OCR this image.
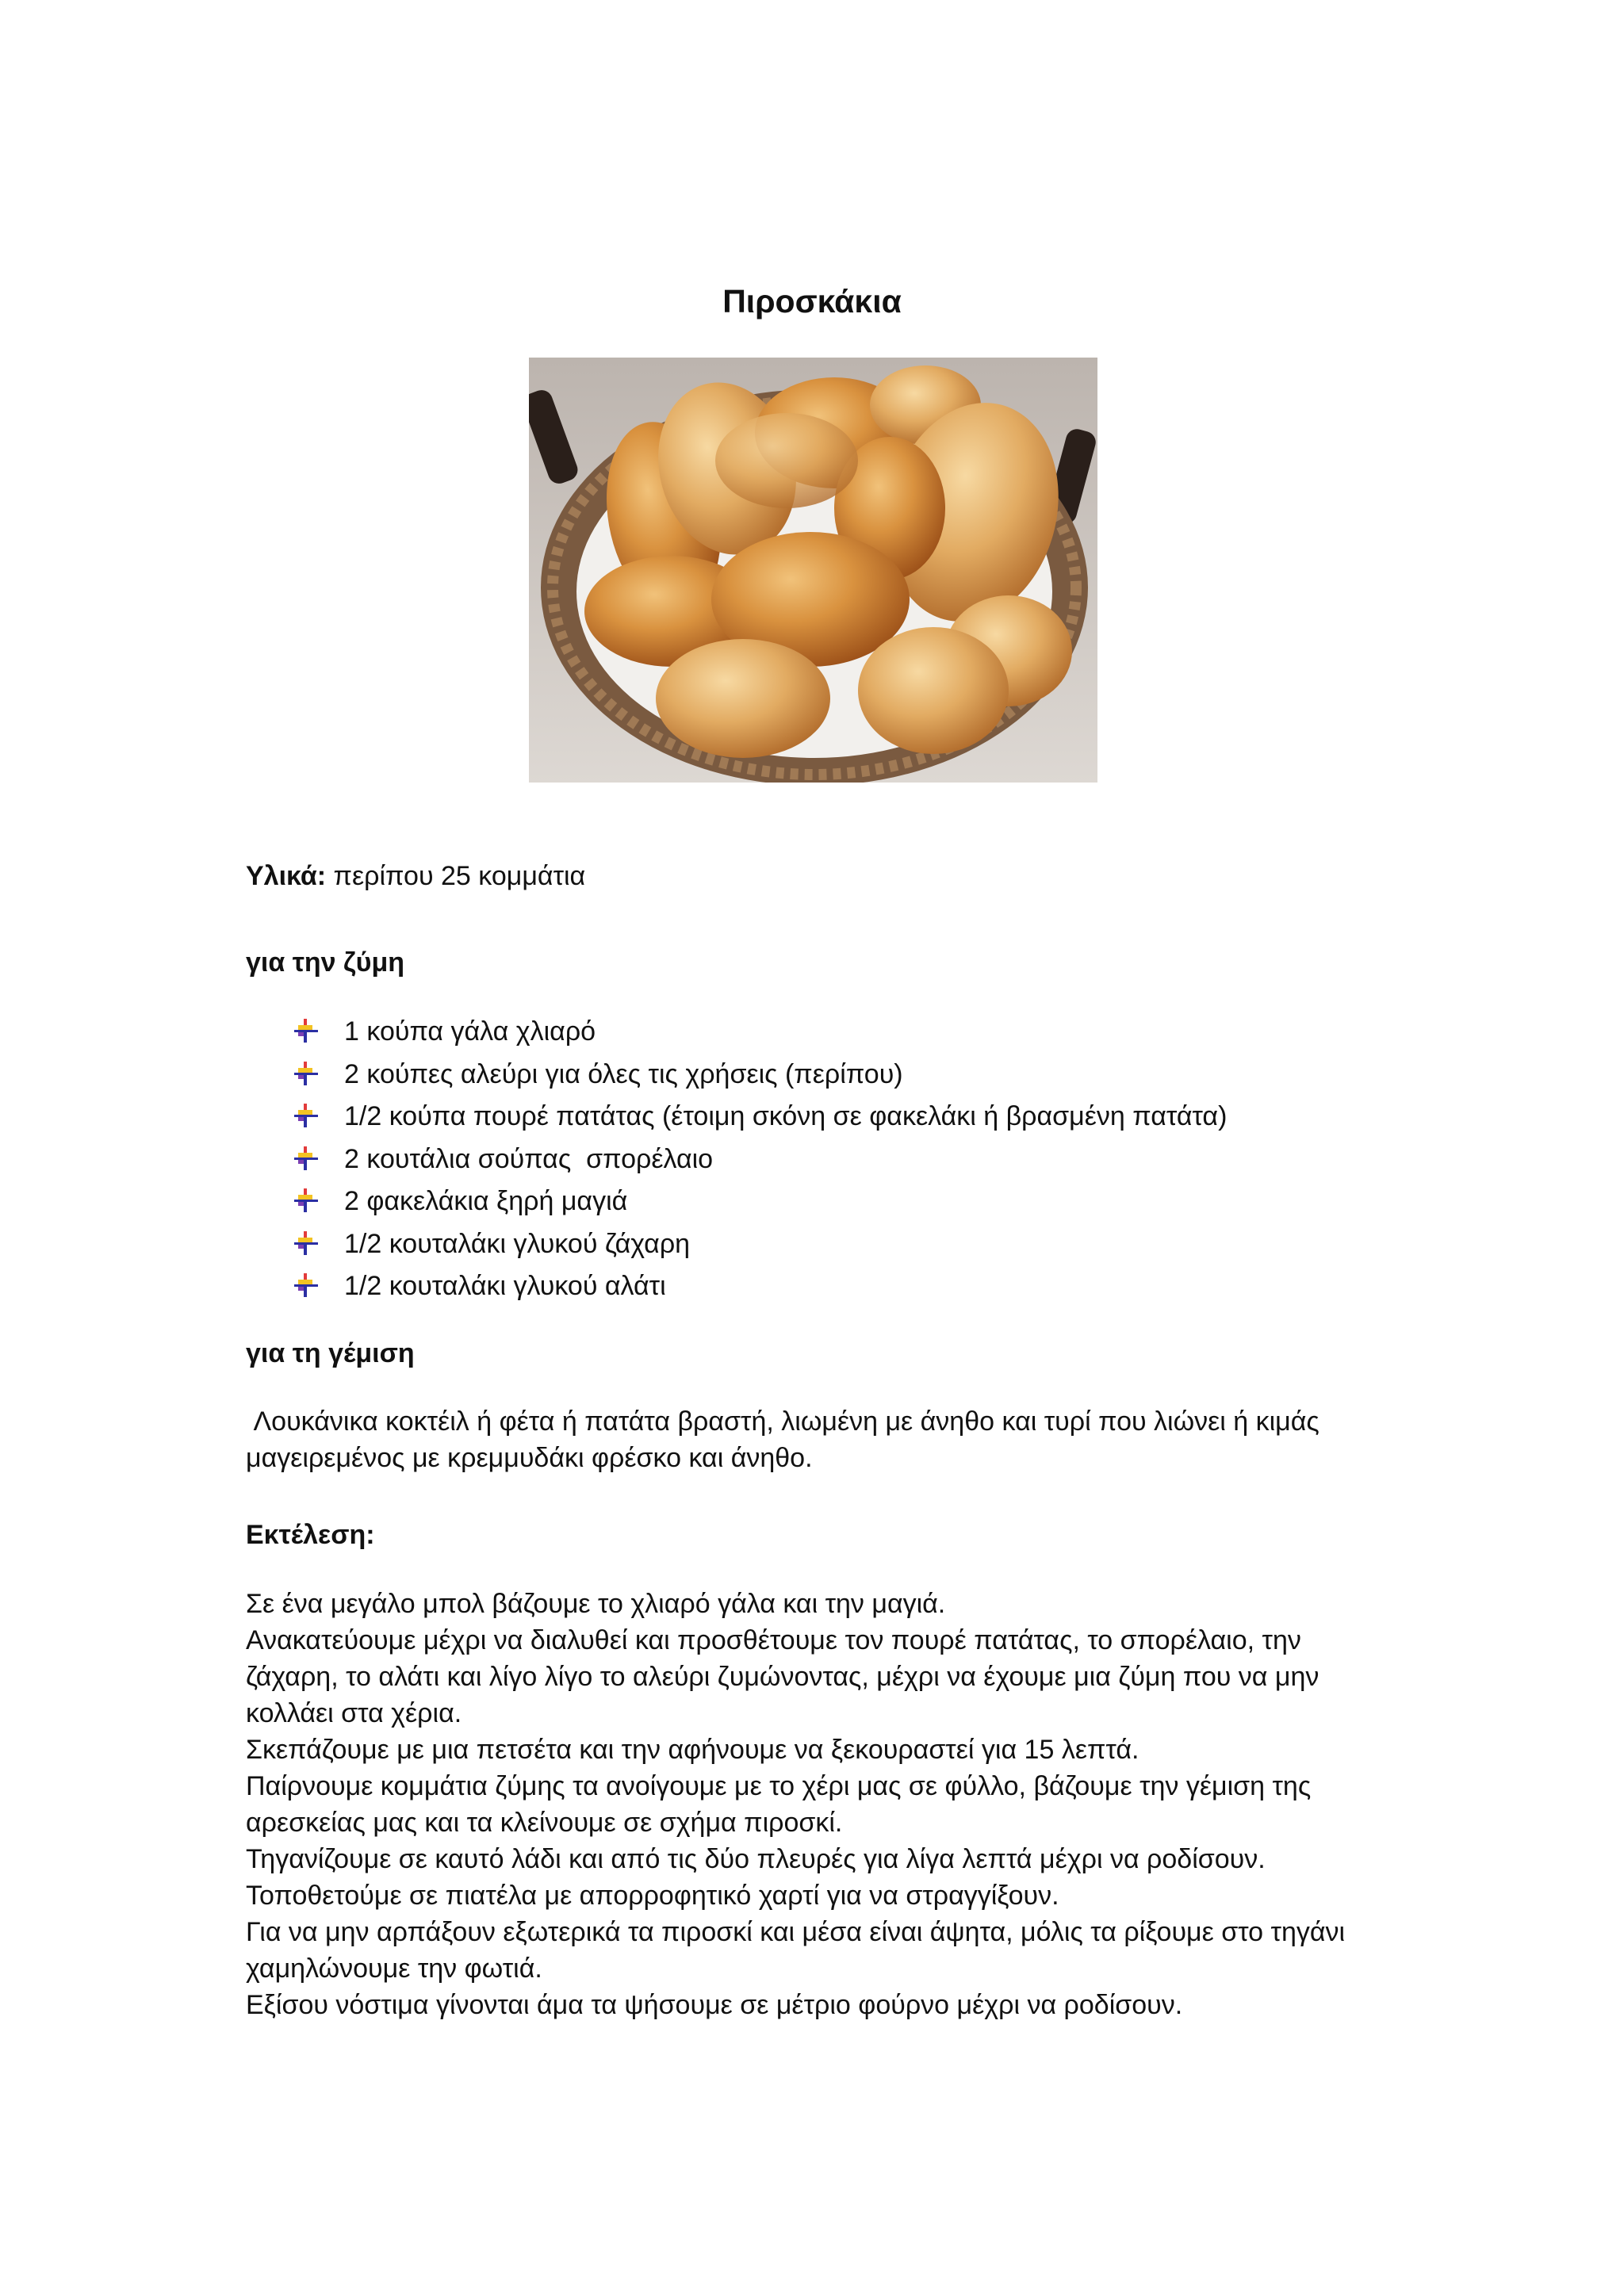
Πιροσκάκια
Υλικά: περίπου 25 κομμάτια
για την ζύμη
1 κούπα γάλα χλιαρό
2 κούπες αλεύρι για όλες τις χρήσεις (περίπου)
1/2 κούπα πουρέ πατάτας (έτοιμη σκόνη σε φακελάκι ή βρασμένη πατάτα)
2 κουτάλια σούπας  σπορέλαιο
2 φακελάκια ξηρή μαγιά
1/2 κουταλάκι γλυκού ζάχαρη
1/2 κουταλάκι γλυκού αλάτι
για τη γέμιση

Λουκάνικα κοκτέιλ ή φέτα ή πατάτα βραστή, λιωμένη με άνηθο και τυρί που λιώνει ή κιμάς μαγειρεμένος με κρεμμυδάκι φρέσκο και άνηθο.

Εκτέλεση:

Σε ένα μεγάλο μπολ βάζουμε το χλιαρό γάλα και την μαγιά.

Ανακατεύουμε μέχρι να διαλυθεί και προσθέτουμε τον πουρέ πατάτας, το σπορέλαιο, την ζάχαρη, το αλάτι και λίγο λίγο το αλεύρι ζυμώνοντας, μέχρι να έχουμε μια ζύμη που να μην κολλάει στα χέρια.

Σκεπάζουμε με μια πετσέτα και την αφήνουμε να ξεκουραστεί για 15 λεπτά.

Παίρνουμε κομμάτια ζύμης τα ανοίγουμε με το χέρι μας σε φύλλο, βάζουμε την γέμιση της αρεσκείας μας και τα κλείνουμε σε σχήμα πιροσκί.

Τηγανίζουμε σε καυτό λάδι και από τις δύο πλευρές για λίγα λεπτά μέχρι να ροδίσουν.

Τοποθετούμε σε πιατέλα με απορροφητικό χαρτί για να στραγγίξουν.

Για να μην αρπάξουν εξωτερικά τα πιροσκί και μέσα είναι άψητα, μόλις τα ρίξουμε στο τηγάνι χαμηλώνουμε την φωτιά.

Εξίσου νόστιμα γίνονται άμα τα ψήσουμε σε μέτριο φούρνο μέχρι να ροδίσουν.
